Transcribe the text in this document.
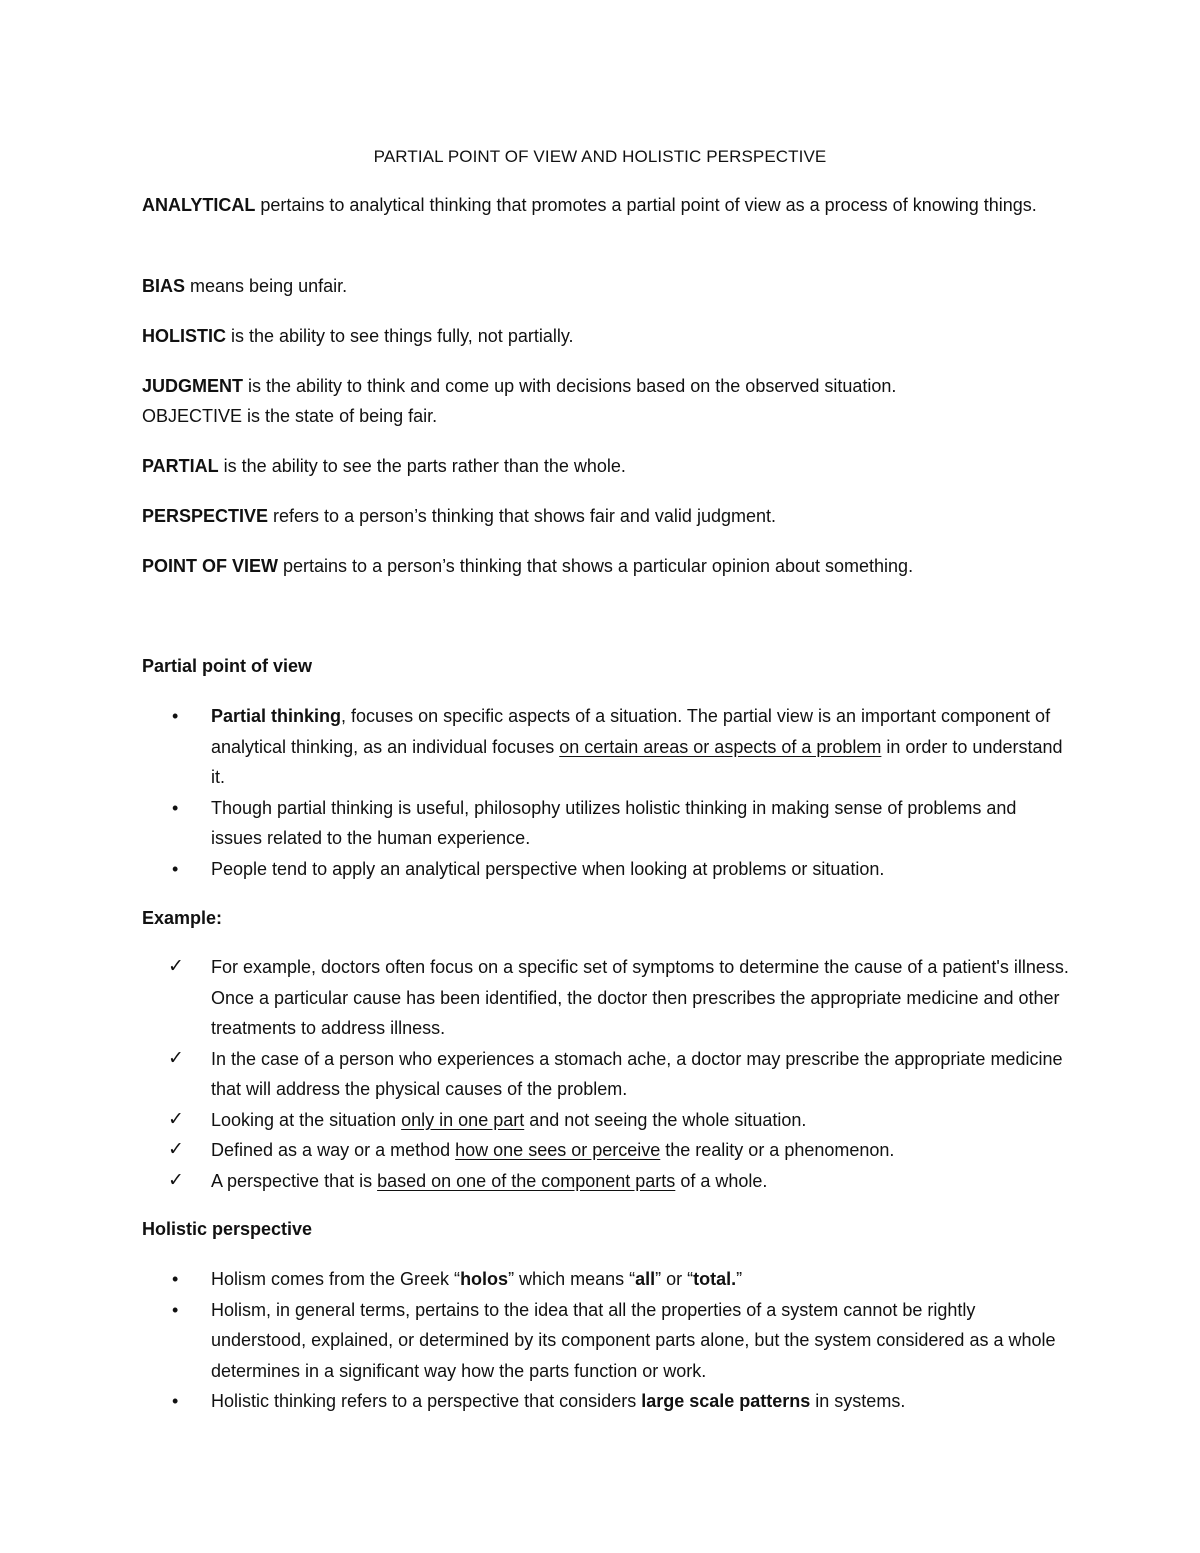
PARTIAL POINT OF VIEW AND HOLISTIC PERSPECTIVE
ANALYTICAL pertains to analytical thinking that promotes a partial point of view as a process of knowing things.
BIAS means being unfair.
HOLISTIC is the ability to see things fully, not partially.
JUDGMENT is the ability to think and come up with decisions based on the observed situation.
OBJECTIVE is the state of being fair.
PARTIAL is the ability to see the parts rather than the whole.
PERSPECTIVE refers to a person’s thinking that shows fair and valid judgment.
POINT OF VIEW pertains to a person’s thinking that shows a particular opinion about something.
Partial point of view
• Partial thinking, focuses on specific aspects of a situation. The partial view is an important component of analytical thinking, as an individual focuses on certain areas or aspects of a problem in order to understand it.
• Though partial thinking is useful, philosophy utilizes holistic thinking in making sense of problems and issues related to the human experience.
• People tend to apply an analytical perspective when looking at problems or situation.
Example:
✓ For example, doctors often focus on a specific set of symptoms to determine the cause of a patient's illness. Once a particular cause has been identified, the doctor then prescribes the appropriate medicine and other treatments to address illness.
✓ In the case of a person who experiences a stomach ache, a doctor may prescribe the appropriate medicine that will address the physical causes of the problem.
✓ Looking at the situation only in one part and not seeing the whole situation.
✓ Defined as a way or a method how one sees or perceive the reality or a phenomenon.
✓ A perspective that is based on one of the component parts of a whole.
Holistic perspective
• Holism comes from the Greek “holos” which means “all” or “total.”
• Holism, in general terms, pertains to the idea that all the properties of a system cannot be rightly understood, explained, or determined by its component parts alone, but the system considered as a whole determines in a significant way how the parts function or work.
• Holistic thinking refers to a perspective that considers large scale patterns in systems.
